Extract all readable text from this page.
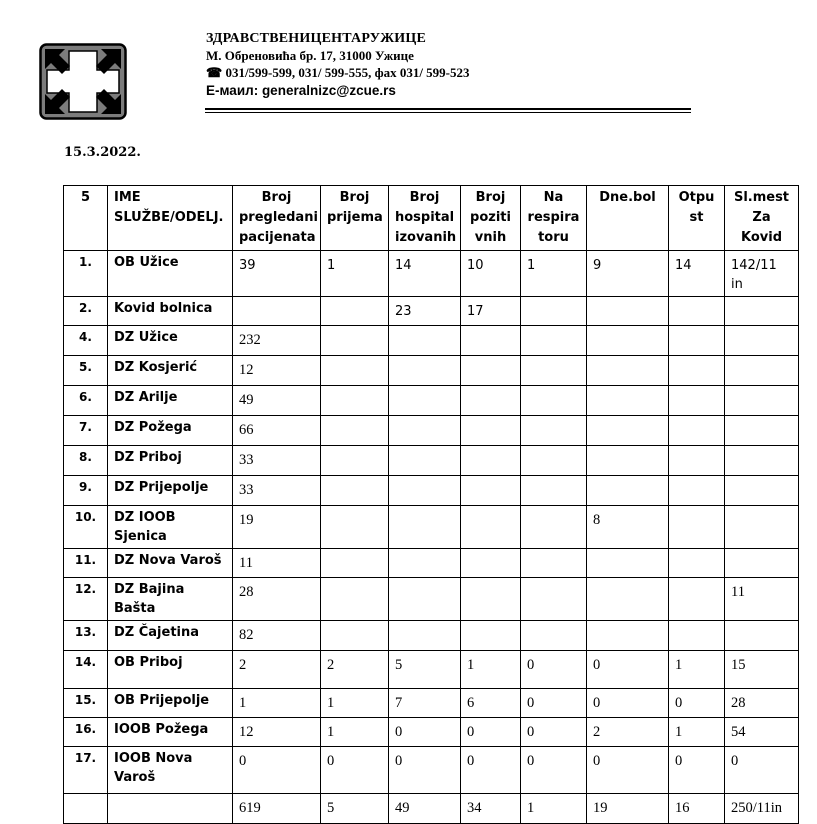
ЗДРАВСТВЕНИЦЕНТАРУЖИЦЕ
М. Обреновића бр. 17, 31000 Ужице
☎ 031/599-599, 031/ 599-555, фах 031/ 599-523
Е-маил: generalnizc@zcue.rs
15.3.2022.
5	IME SLUŽBE/ODELJ.	Broj pregledani pacijenata	Broj prijema	Broj hospital izovanih	Broj poziti vnih	Na respira toru	Dne.bol	Otpu st	Sl.mest Za Kovid
1.	OB Užice	39	1	14	10	1	9	14	142/11 in
2.	Kovid bolnica			23	17				
4.	DZ Užice	232							
5.	DZ Kosjerić	12							
6.	DZ Arilje	49							
7.	DZ Požega	66							
8.	DZ Priboj	33							
9.	DZ Prijepolje	33							
10.	DZ IOOB Sjenica	19					8		
11.	DZ Nova Varoš	11							
12.	DZ Bajina Bašta	28							11
13.	DZ Čajetina	82							
14.	OB Priboj	2	2	5	1	0	0	1	15
15.	OB Prijepolje	1	1	7	6	0	0	0	28
16.	IOOB Požega	12	1	0	0	0	2	1	54
17.	IOOB Nova Varoš	0	0	0	0	0	0	0	0
		619	5	49	34	1	19	16	250/11in
